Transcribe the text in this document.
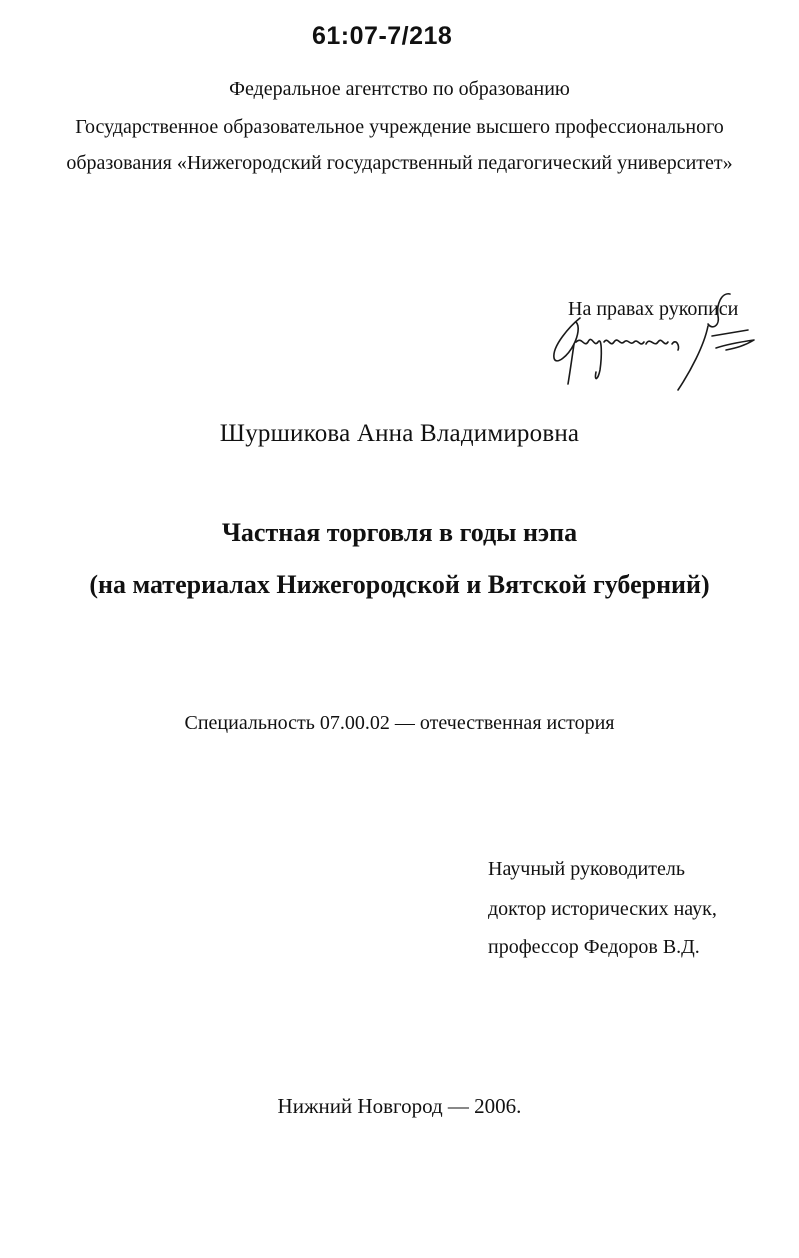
61:07-7/218
Федеральное агентство по образованию
Государственное образовательное учреждение высшего профессионального
образования «Нижегородский государственный педагогический университет»
На правах рукописи
Шуршикова Анна Владимировна
Частная торговля в годы нэпа
(на материалах Нижегородской и Вятской губерний)
Специальность 07.00.02 — отечественная история
Научный руководитель
доктор исторических наук,
профессор Федоров В.Д.
Нижний Новгород — 2006.
